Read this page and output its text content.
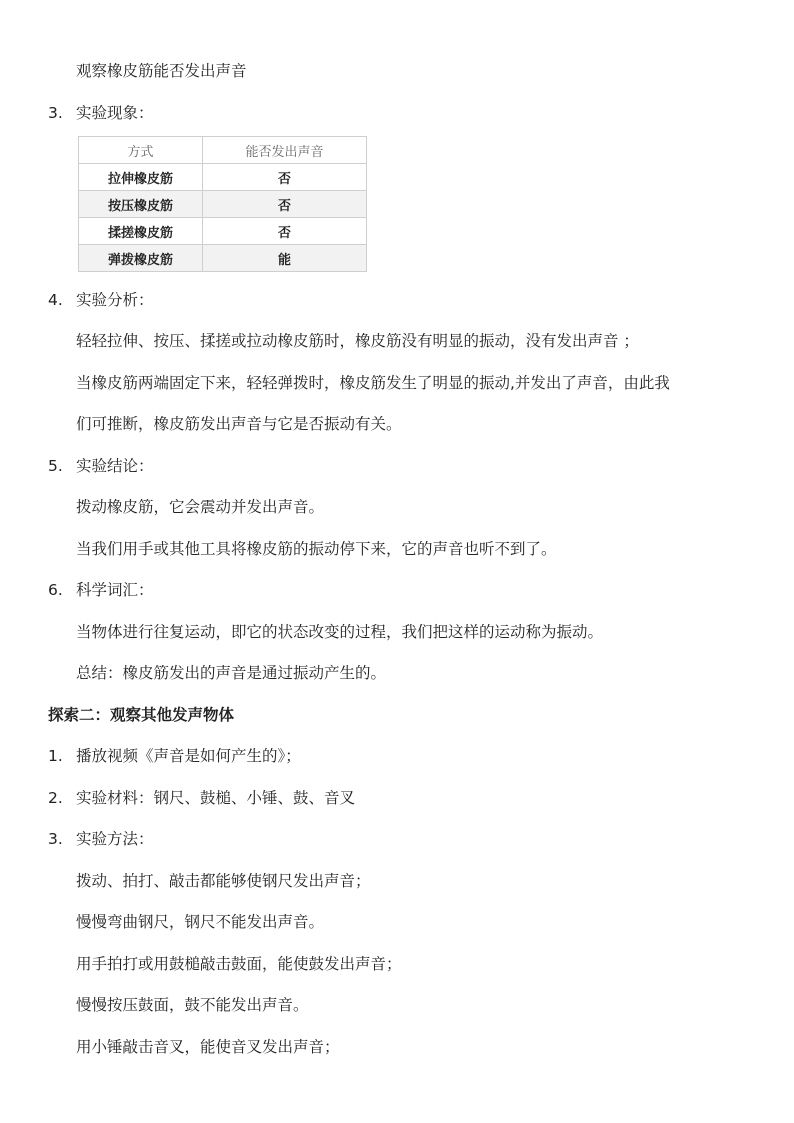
观察橡皮筋能否发出声音
3. 实验现象：
方式	能否发出声音
拉伸橡皮筋	否
按压橡皮筋	否
揉搓橡皮筋	否
弹拨橡皮筋	能
4. 实验分析：
轻轻拉伸、按压、揉搓或拉动橡皮筋时，橡皮筋没有明显的振动，没有发出声音 ；
当橡皮筋两端固定下来，轻轻弹拨时，橡皮筋发生了明显的振动,并发出了声音，由此我
们可推断，橡皮筋发出声音与它是否振动有关。
5. 实验结论：
拨动橡皮筋，它会震动并发出声音。
当我们用手或其他工具将橡皮筋的振动停下来，它的声音也听不到了。
6. 科学词汇：
当物体进行往复运动，即它的状态改变的过程，我们把这样的运动称为振动。
总结：橡皮筋发出的声音是通过振动产生的。
探索二：观察其他发声物体
1. 播放视频《声音是如何产生的》；
2. 实验材料：钢尺、鼓槌、小锤、鼓、音叉
3. 实验方法：
拨动、拍打、敲击都能够使钢尺发出声音；
慢慢弯曲钢尺，钢尺不能发出声音。
用手拍打或用鼓槌敲击鼓面，能使鼓发出声音；
慢慢按压鼓面，鼓不能发出声音。
用小锤敲击音叉，能使音叉发出声音；
